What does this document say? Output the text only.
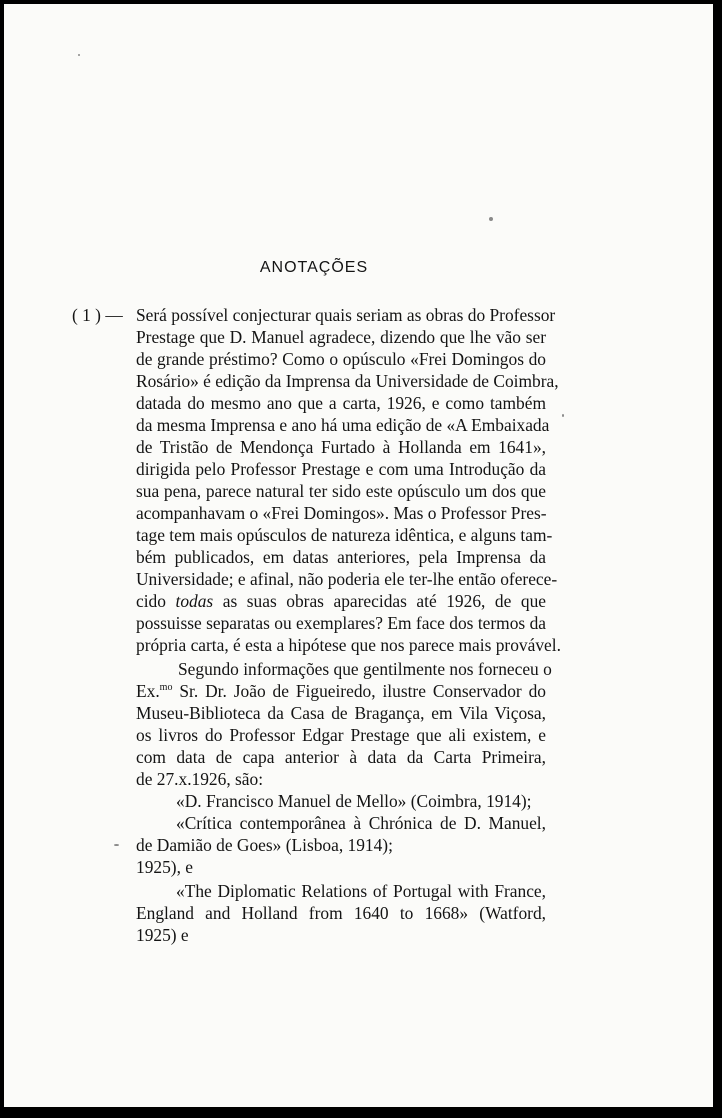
ANOTAÇÕES
( 1 ) — Será possível conjecturar quais seriam as obras do Professor

Prestage que D. Manuel agradece, dizendo que lhe vão ser

de grande préstimo? Como o opúsculo «Frei Domingos do

Rosário» é edição da Imprensa da Universidade de Coimbra,

datada do mesmo ano que a carta, 1926, e como também

da mesma Imprensa e ano há uma edição de «A Embaixada

de Tristão de Mendonça Furtado à Hollanda em 1641»,

dirigida pelo Professor Prestage e com uma Introdução da

sua pena, parece natural ter sido este opúsculo um dos que

acompanhavam o «Frei Domingos». Mas o Professor Pres-

tage tem mais opúsculos de natureza idêntica, e alguns tam-

bém publicados, em datas anteriores, pela Imprensa da

Universidade; e afinal, não poderia ele ter-lhe então oferece-

cido todas as suas obras aparecidas até 1926, de que

possuisse separatas ou exemplares? Em face dos termos da

própria carta, é esta a hipótese que nos parece mais provável.

Segundo informações que gentilmente nos forneceu o

Ex.$^{mo}$ Sr. Dr. João de Figueiredo, ilustre Conservador do

Museu-Biblioteca da Casa de Bragança, em Vila Viçosa,

os livros do Professor Edgar Prestage que ali existem, e

com data de capa anterior à data da Carta Primeira,

de 27.x.1926, são:

«D. Francisco Manuel de Mello» (Coimbra, 1914);

«Crítica contemporânea à Chrónica de D. Manuel,

de Damião de Goes» (Lisboa, 1914);

1925), e

«The Diplomatic Relations of Portugal with France,

England and Holland from 1640 to 1668» (Watford,

1925) e
